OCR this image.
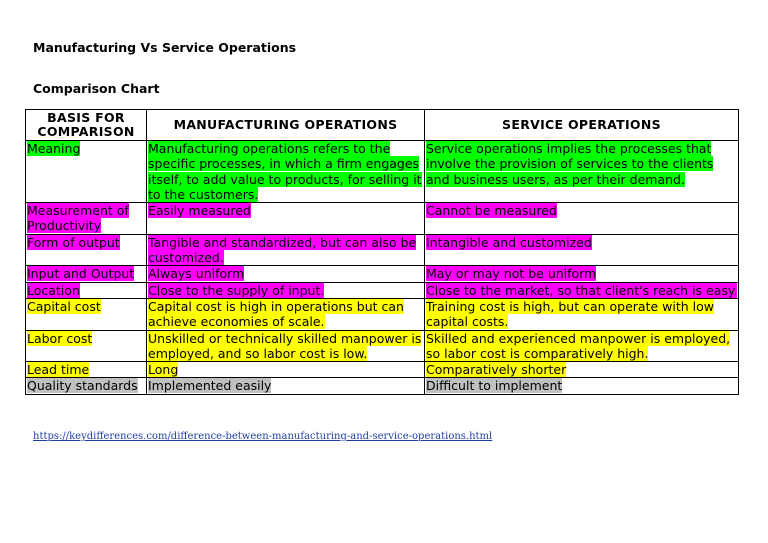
Manufacturing Vs Service Operations
Comparison Chart
BASIS FOR COMPARISON	MANUFACTURING OPERATIONS	SERVICE OPERATIONS
Meaning	Manufacturing operations refers to the specific processes, in which a firm engages itself, to add value to products, for selling it to the customers.	Service operations implies the processes that involve the provision of services to the clients and business users, as per their demand.
Measurement of Productivity	Easily measured	Cannot be measured
Form of output	Tangible and standardized, but can also be customized.	Intangible and customized
Input and Output	Always uniform	May or may not be uniform
Location	Close to the supply of input.	Close to the market, so that client's reach is easy.
Capital cost	Capital cost is high in operations but can achieve economies of scale.	Training cost is high, but can operate with low capital costs.
Labor cost	Unskilled or technically skilled manpower is employed, and so labor cost is low.	Skilled and experienced manpower is employed, so labor cost is comparatively high.
Lead time	Long	Comparatively shorter
Quality standards	Implemented easily	Difficult to implement
https://keydifferences.com/difference-between-manufacturing-and-service-operations.html
